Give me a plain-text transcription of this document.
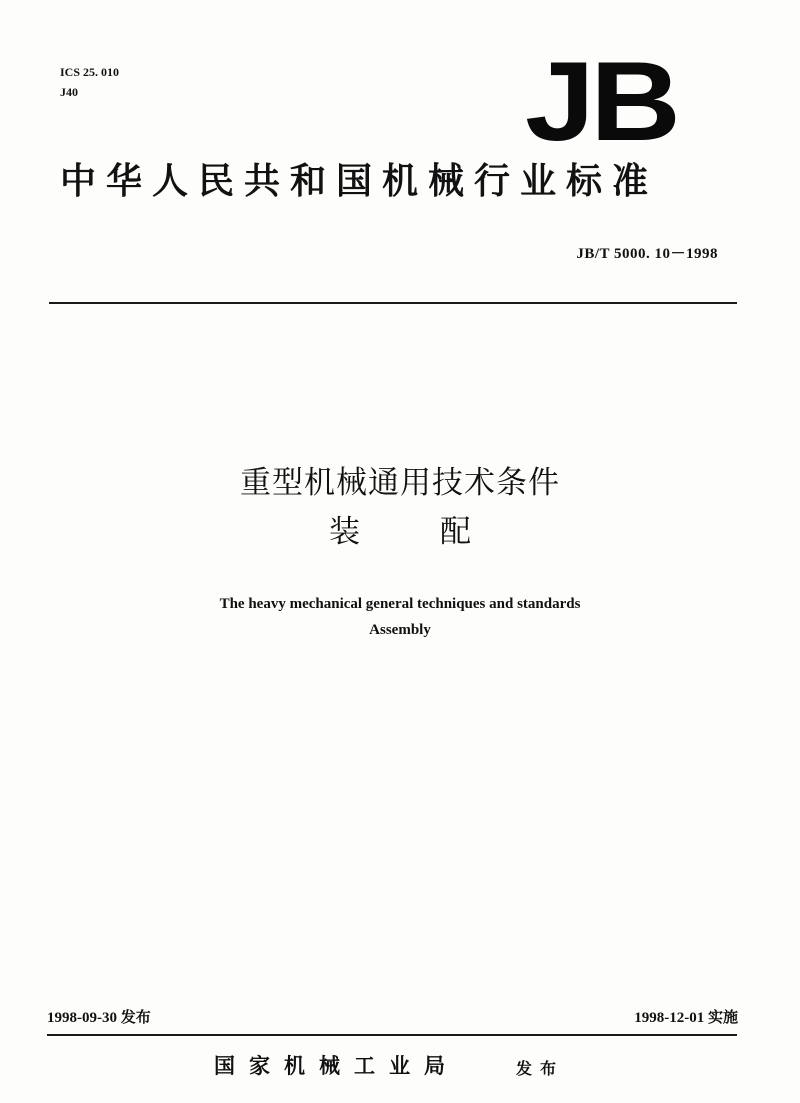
ICS 25. 010
J40	JB
中华人民共和国机械行业标准
JB/T 5000. 10－1998
重型机械通用技术条件
装配
The heavy mechanical general techniques and standards
Assembly
1998-09-30 发布	1998-12-01 实施
国家机械工业局	发布
